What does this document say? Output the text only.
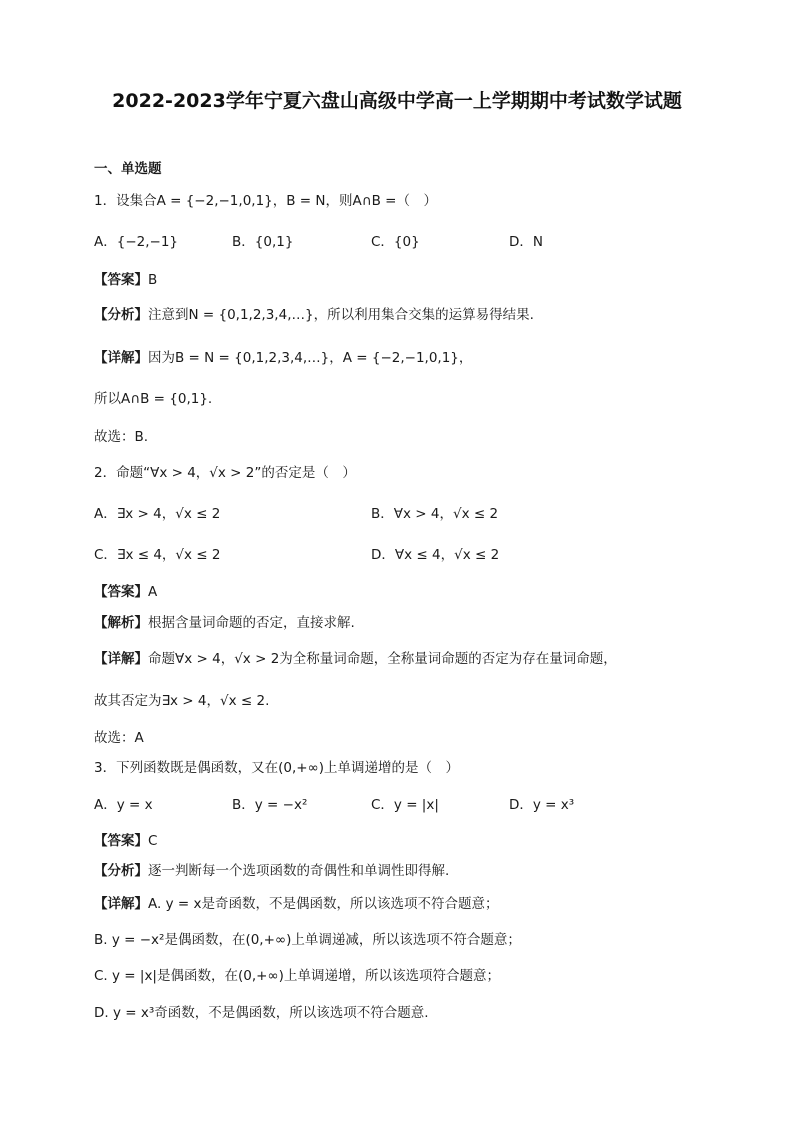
2022-2023学年宁夏六盘山高级中学高一上学期期中考试数学试题
一、单选题
1．设集合A = {−2,−1,0,1}，B = N，则A∩B =（　）
A．{−2,−1}	B．{0,1}	C．{0}	D．N
【答案】B
【分析】注意到N = {0,1,2,3,4,…}，所以利用集合交集的运算易得结果.
【详解】因为B = N = {0,1,2,3,4,…}，A = {−2,−1,0,1}，
所以A∩B = {0,1}.
故选：B.
2．命题“∀x > 4，√x > 2”的否定是（　）
A．∃x > 4，√x ≤ 2	B．∀x > 4，√x ≤ 2
C．∃x ≤ 4，√x ≤ 2	D．∀x ≤ 4，√x ≤ 2
【答案】A
【解析】根据含量词命题的否定，直接求解.
【详解】命题∀x > 4，√x > 2为全称量词命题，全称量词命题的否定为存在量词命题，
故其否定为∃x > 4，√x ≤ 2.
故选：A
3．下列函数既是偶函数，又在(0,+∞)上单调递增的是（　）
A．y = x	B．y = −x²	C．y = |x|	D．y = x³
【答案】C
【分析】逐一判断每一个选项函数的奇偶性和单调性即得解.
【详解】A. y = x是奇函数，不是偶函数，所以该选项不符合题意；
B. y = −x²是偶函数，在(0,+∞)上单调递减，所以该选项不符合题意；
C. y = |x|是偶函数，在(0,+∞)上单调递增，所以该选项符合题意；
D. y = x³奇函数，不是偶函数，所以该选项不符合题意.
